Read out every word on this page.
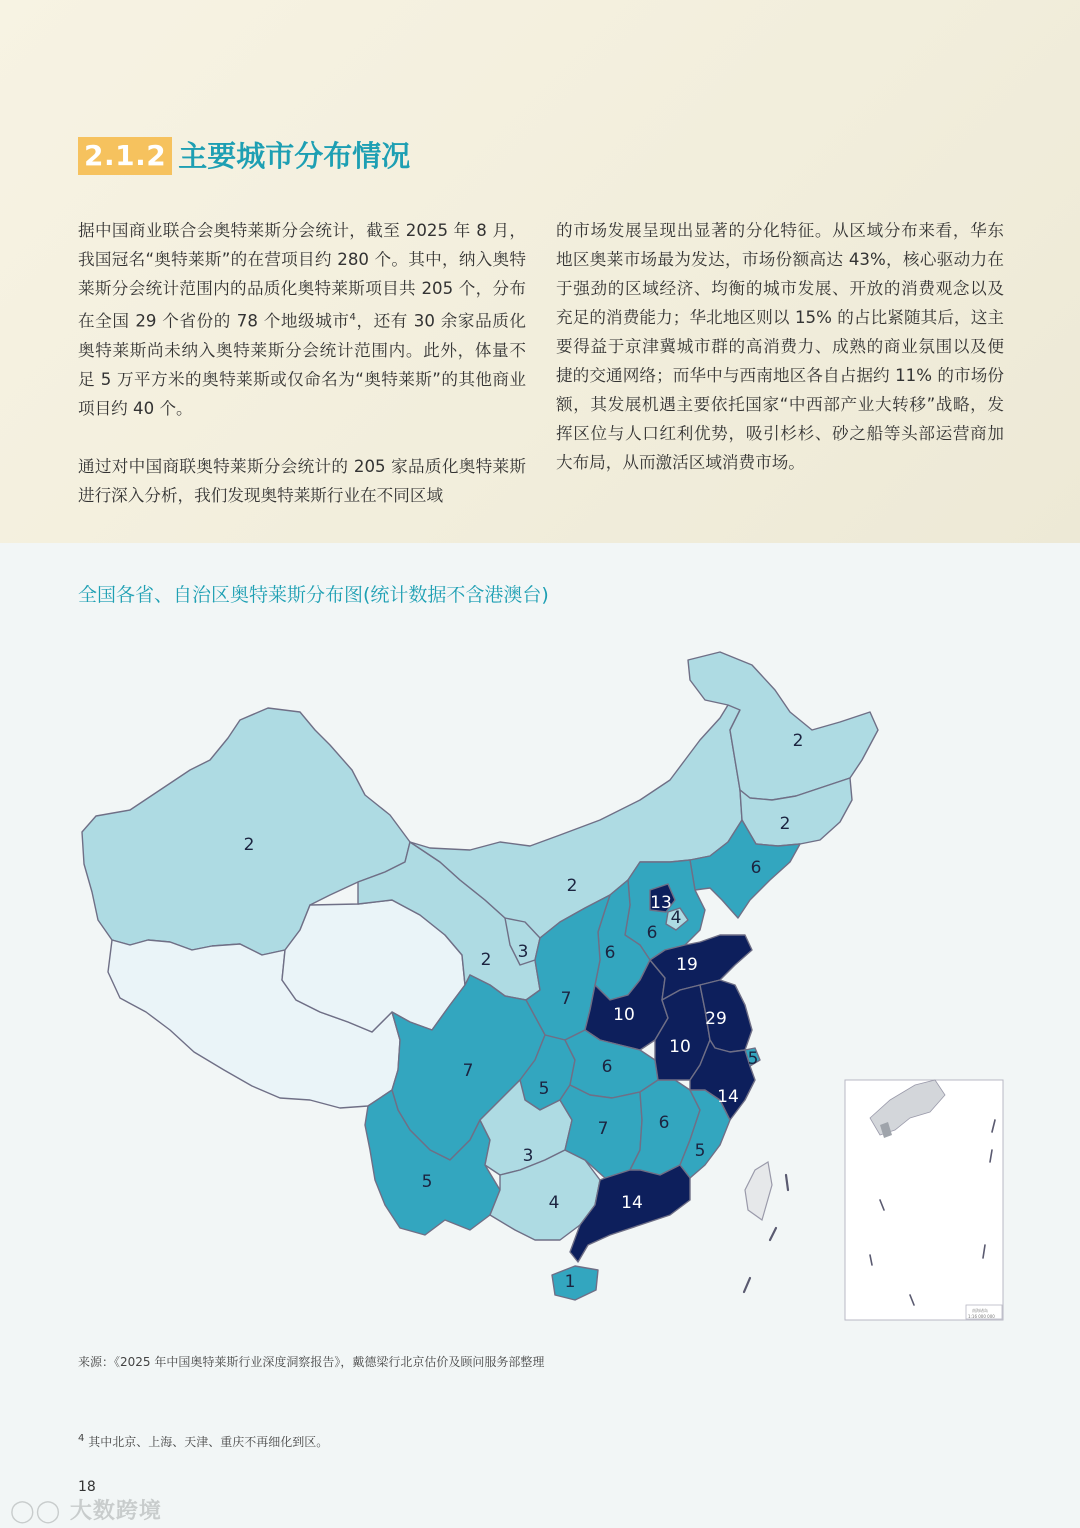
2.1.2 主要城市分布情况

据中国商业联合会奥特莱斯分会统计，截至 2025 年 8 月，我国冠名“奥特莱斯”的在营项目约 280 个。其中，纳入奥特莱斯分会统计范围内的品质化奥特莱斯项目共 205 个，分布在全国 29 个省份的 78 个地级城市$^4$，还有 30 余家品质化奥特莱斯尚未纳入奥特莱斯分会统计范围内。此外，体量不足 5 万平方米的奥特莱斯或仅命名为“奥特莱斯”的其他商业项目约 40 个。

通过对中国商联奥特莱斯分会统计的 205 家品质化奥特莱斯进行深入分析，我们发现奥特莱斯行业在不同区域

的市场发展呈现出显著的分化特征。从区域分布来看，华东地区奥莱市场最为发达，市场份额高达 43%，核心驱动力在于强劲的区域经济、均衡的城市发展、开放的消费观念以及充足的消费能力；华北地区则以 15% 的占比紧随其后，这主要得益于京津冀城市群的高消费力、成熟的商业氛围以及便捷的交通网络；而华中与西南地区各自占据约 11% 的市场份额，其发展机遇主要依托国家“中西部产业大转移”战略，发挥区位与人口红利优势，吸引杉杉、砂之船等头部运营商加大布局，从而激活区域消费市场。

全国各省、自治区奥特莱斯分布图(统计数据不含港澳台)
南海诸岛
1:16 000 000
2
2
2
6
2
13
4
6
3
2	6
19
7
10	29
10
5
6
7
5	14
7	6
3	5
5
4	14
1
来源：《2025 年中国奥特莱斯行业深度洞察报告》，戴德梁行北京估价及顾问服务部整理
$^4$ 其中北京、上海、天津、重庆不再细化到区。
18
◯◯ 大数跨境
